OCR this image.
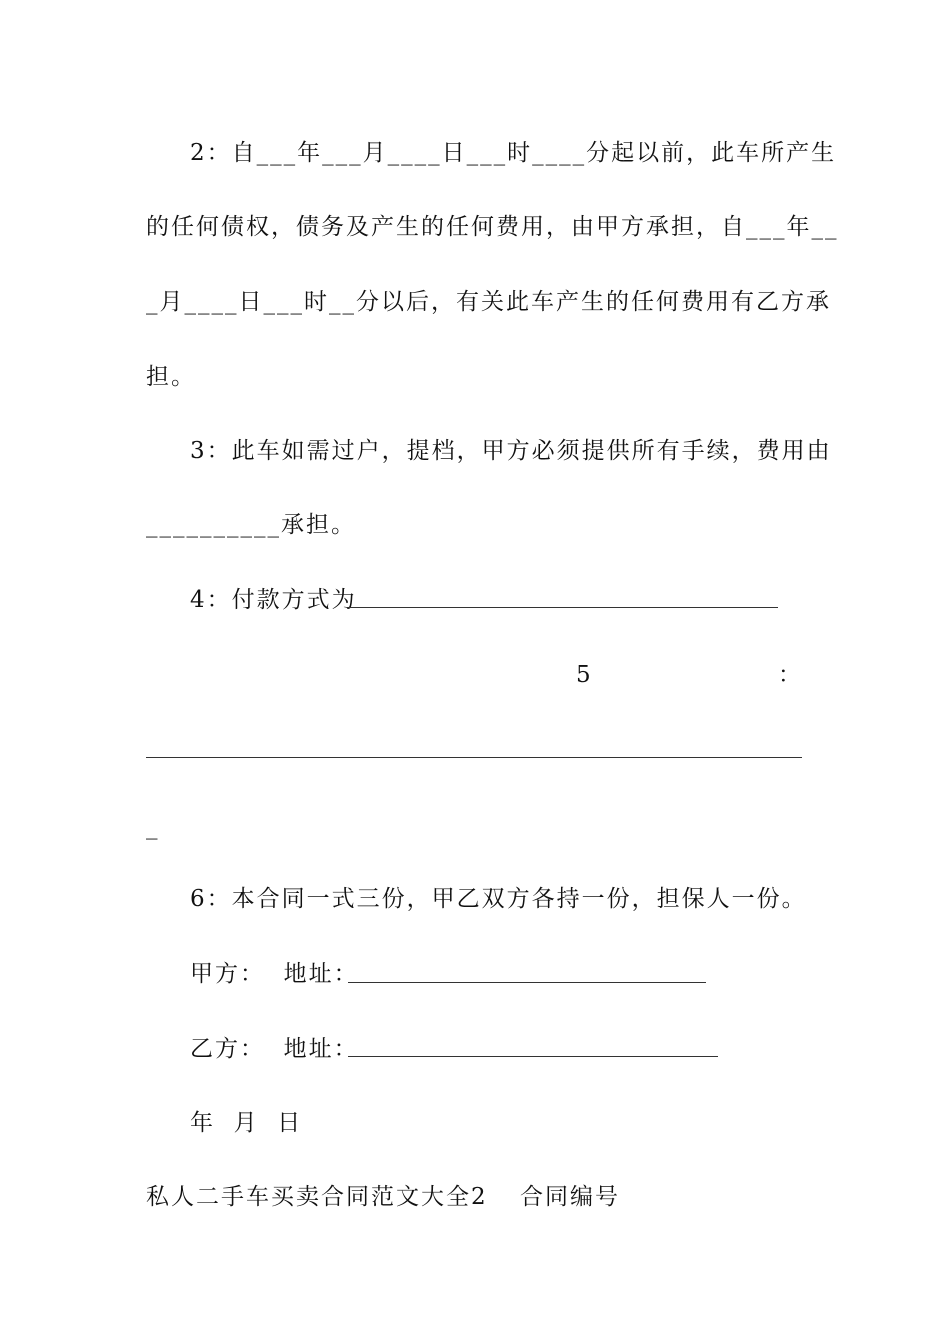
2：自___年___月____日___时____分起以前，此车所产生
的任何债权，债务及产生的任何费用，由甲方承担，自___年__
_月____日___时__分以后，有关此车产生的任何费用有乙方承
担。
3：此车如需过户，提档，甲方必须提供所有手续，费用由
__________承担。
4：付款方式为
5	：
_
6：本合同一式三份，甲乙双方各持一份，担保人一份。
甲方：  地址：
乙方：  地址：
年  月  日
私人二手车买卖合同范文大全2 合同编号
